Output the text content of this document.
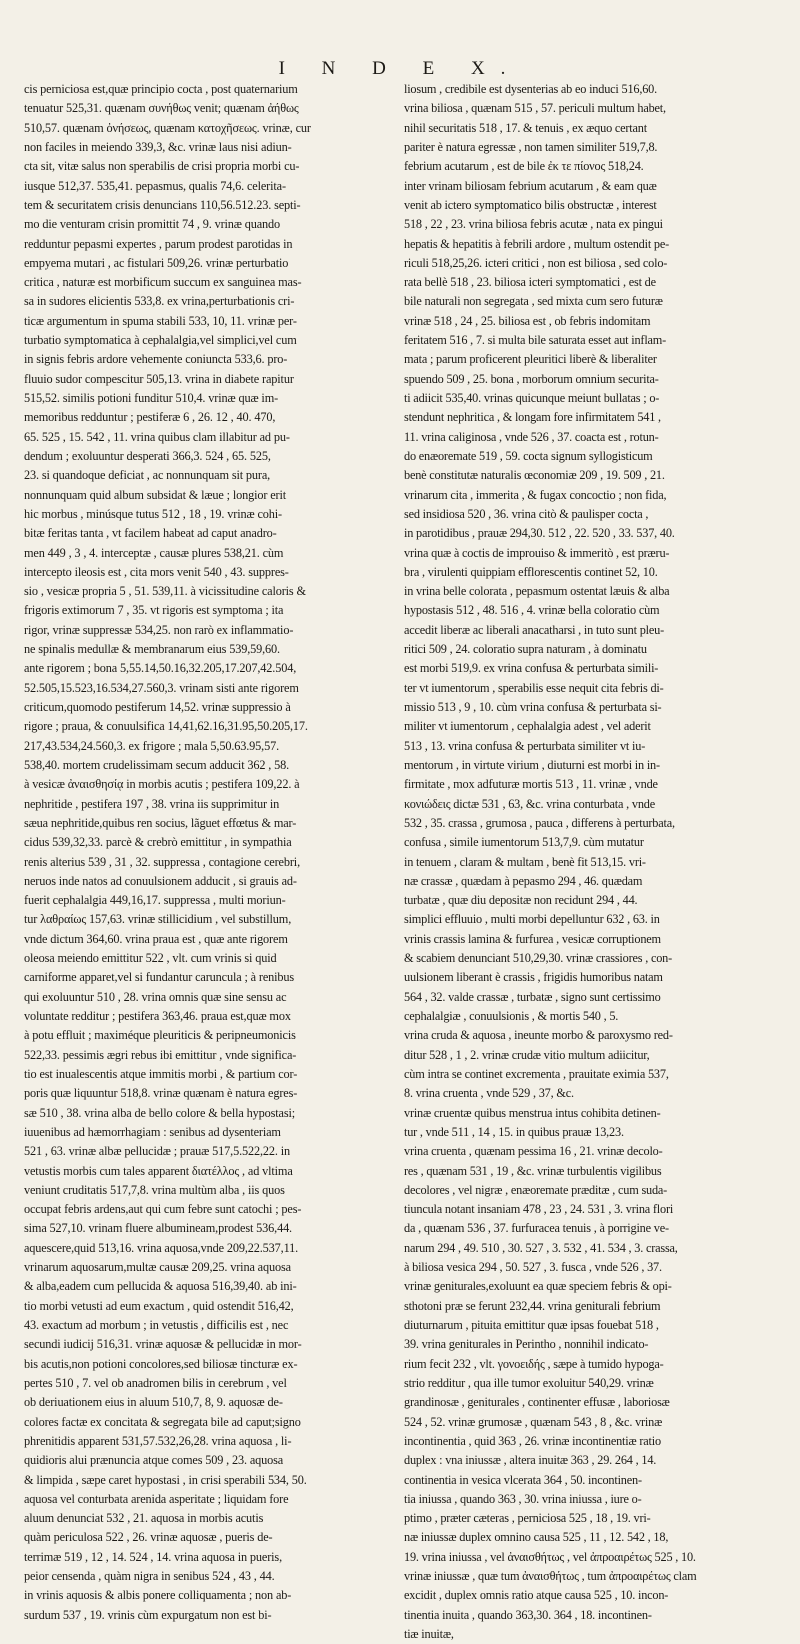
I N D E X.
cis perniciosa est,quæ principio cocta , post quaternarium
tenuatur 525,31. quænam συνήθως venit; quænam ἀήθως
510,57. quænam ὀνήσεως, quænam κατοχῆσεως. vrinæ, cur
non faciles in meiendo 339,3, &c. vrinæ laus nisi adiun-
cta sit, vitæ salus non sperabilis de crisi propria morbi cu-
iusque 512,37. 535,41. pepasmus, qualis 74,6. celerita-
tem & securitatem crisis denuncians 110,56.512.23. septi-
mo die venturam crisin promittit 74 , 9. vrinæ quando
redduntur pepasmi expertes , parum prodest parotidas in
empyema mutari , ac fistulari 509,26. vrinæ perturbatio
critica , naturæ est morbificum succum ex sanguinea mas-
sa in sudores elicientis 533,8. ex vrina,perturbationis cri-
ticæ argumentum in spuma stabili 533, 10, 11. vrinæ per-
turbatio symptomatica à cephalalgia,vel simplici,vel cum
in signis febris ardore vehemente coniuncta 533,6. pro-
fluuio sudor compescitur 505,13. vrina in diabete rapitur
515,52. similis potioni funditur 510,4. vrinæ quæ im-
memoribus redduntur ; pestiferæ 6 , 26. 12 , 40. 470,
65. 525 , 15. 542 , 11. vrina quibus clam illabitur ad pu-
dendum ; exoluuntur desperati 366,3. 524 , 65. 525,
23. si quandoque deficiat , ac nonnunquam sit pura,
nonnunquam quid album subsidat & læue ; longior erit
hic morbus , minúsque tutus 512 , 18 , 19. vrinæ cohi-
bitæ feritas tanta , vt facilem habeat ad caput anadro-
men 449 , 3 , 4. interceptæ , causæ plures 538,21. cùm
intercepto ileosis est , cita mors venit 540 , 43. suppres-
sio , vesicæ propria 5 , 51. 539,11. à vicissitudine caloris &
frigoris extimorum 7 , 35. vt rigoris est symptoma ; ita
rigor, vrinæ suppressæ 534,25. non rarò ex inflammatio-
ne spinalis medullæ & membranarum eius 539,59,60.
ante rigorem ; bona 5,55.14,50.16,32.205,17.207,42.504,
52.505,15.523,16.534,27.560,3. vrinam sisti ante rigorem
criticum,quomodo pestiferum 14,52. vrinæ suppressio à
rigore ; praua, & conuulsifica 14,41,62.16,31.95,50.205,17.
217,43.534,24.560,3. ex frigore ; mala 5,50.63.95,57.
538,40. mortem crudelissimam secum adducit 362 , 58.
à vesicæ ἀναισθησίᾳ in morbis acutis ; pestifera 109,22. à
nephritide , pestifera 197 , 38. vrina iis supprimitur in
sæua nephritide,quibus ren socius, lãguet effœtus & mar-
cidus 539,32,33. parcè & crebrò emittitur , in sympathia
renis alterius 539 , 31 , 32. suppressa , contagione cerebri,
neruos inde natos ad conuulsionem adducit , si grauis ad-
fuerit cephalalgia 449,16,17. suppressa , multi moriun-
tur λαθραίως 157,63. vrinæ stillicidium , vel substillum,
vnde dictum 364,60. vrina praua est , quæ ante rigorem
oleosa meiendo emittitur 522 , vlt. cum vrinis si quid
carniforme apparet,vel si fundantur caruncula ; à renibus
qui exoluuntur 510 , 28. vrina omnis quæ sine sensu ac
voluntate redditur ; pestifera 363,46. praua est,quæ mox
à potu effluit ; maximéque pleuriticis & peripneumonicis
522,33. pessimis ægri rebus ibi emittitur , vnde significa-
tio est inualescentis atque immitis morbi , & partium cor-
poris quæ liquuntur 518,8. vrinæ quænam è natura egres-
sæ 510 , 38. vrina alba de bello colore & bella hypostasi;
iuuenibus ad hæmorrhagiam : senibus ad dysenteriam
521 , 63. vrinæ albæ pellucidæ ; prauæ 517,5.522,22. in
vetustis morbis cum tales apparent διατέλλος , ad vltima
veniunt cruditatis 517,7,8. vrina multùm alba , iis quos
occupat febris ardens,aut qui cum febre sunt catochi ; pes-
sima 527,10. vrinam fluere albumineam,prodest 536,44.
aquescere,quid 513,16. vrina aquosa,vnde 209,22.537,11.
vrinarum aquosarum,multæ causæ 209,25. vrina aquosa
& alba,eadem cum pellucida & aquosa 516,39,40. ab ini-
tio morbi vetusti ad eum exactum , quid ostendit 516,42,
43. exactum ad morbum ; in vetustis , difficilis est , nec
secundi iudicij 516,31. vrinæ aquosæ & pellucidæ in mor-
bis acutis,non potioni concolores,sed biliosæ tincturæ ex-
pertes 510 , 7. vel ob anadromen bilis in cerebrum , vel
ob deriuationem eius in aluum 510,7, 8, 9. aquosæ de-
colores factæ ex concitata & segregata bile ad caput;signo
phrenitidis apparent 531,57.532,26,28. vrina aquosa , li-
quidioris alui prænuncia atque comes 509 , 23. aquosa
& limpida , sæpe caret hypostasi , in crisi sperabili 534, 50.
aquosa vel conturbata arenida asperitate ; liquidam fore
aluum denunciat 532 , 21. aquosa in morbis acutis
quàm periculosa 522 , 26. vrinæ aquosæ , pueris de-
terrimæ 519 , 12 , 14. 524 , 14. vrina aquosa in pueris,
peior censenda , quàm nigra in senibus 524 , 43 , 44.
in vrinis aquosis & albis ponere colliquamenta ; non ab-
surdum 537 , 19. vrinis cùm expurgatum non est bi-
liosum , credibile est dysenterias ab eo induci 516,60.
vrina biliosa , quænam 515 , 57. periculi multum habet,
nihil securitatis 518 , 17. & tenuis , ex æquo certant
pariter è natura egressæ , non tamen similiter 519,7,8.
febrium acutarum , est de bile ἐκ τε πίονος 518,24.
inter vrinam biliosam febrium acutarum , & eam quæ
venit ab ictero symptomatico bilis obstructæ , interest
518 , 22 , 23. vrina biliosa febris acutæ , nata ex pingui
hepatis & hepatitis à febrili ardore , multum ostendit pe-
riculi 518,25,26. icteri critici , non est biliosa , sed colo-
rata bellè 518 , 23. biliosa icteri symptomatici , est de
bile naturali non segregata , sed mixta cum sero futuræ
vrinæ 518 , 24 , 25. biliosa est , ob febris indomitam
feritatem 516 , 7. si multa bile saturata esset aut inflam-
mata ; parum proficerent pleuritici liberè & liberaliter
spuendo 509 , 25. bona , morborum omnium securita-
ti adiicit 535,40. vrinas quicunque meiunt bullatas ; o-
stendunt nephritica , & longam fore infirmitatem 541 ,
11. vrina caliginosa , vnde 526 , 37. coacta est , rotun-
do enæoremate 519 , 59. cocta signum syllogisticum
benè constitutæ naturalis œconomiæ 209 , 19. 509 , 21.
vrinarum cita , immerita , & fugax concoctio ; non fida,
sed insidiosa 520 , 36. vrina citò & paulisper cocta ,
in parotidibus , prauæ 294,30. 512 , 22. 520 , 33. 537, 40.
vrina quæ à coctis de improuiso & immeritò , est præru-
bra , virulenti quippiam efflorescentis continet 52, 10.
in vrina belle colorata , pepasmum ostentat læuis & alba
hypostasis 512 , 48. 516 , 4. vrinæ bella coloratio cùm
accedit liberæ ac liberali anacatharsi , in tuto sunt pleu-
ritici 509 , 24. coloratio supra naturam , à dominatu
est morbi 519,9. ex vrina confusa & perturbata simili-
ter vt iumentorum , sperabilis esse nequit cita febris di-
missio 513 , 9 , 10. cùm vrina confusa & perturbata si-
militer vt iumentorum , cephalalgia adest , vel aderit
513 , 13. vrina confusa & perturbata similiter vt iu-
mentorum , in virtute virium , diuturni est morbi in in-
firmitate , mox adfuturæ mortis 513 , 11. vrinæ , vnde
κονιώδεις dictæ 531 , 63, &c. vrina conturbata , vnde
532 , 35. crassa , grumosa , pauca , differens à perturbata,
confusa , simile iumentorum 513,7,9. cùm mutatur
in tenuem , claram & multam , benè fit 513,15. vri-
næ crassæ , quædam à pepasmo 294 , 46. quædam
turbatæ , quæ diu depositæ non recidunt 294 , 44.
simplici effluuio , multi morbi depelluntur 632 , 63. in
vrinis crassis lamina & furfurea , vesicæ corruptionem
& scabiem denunciant 510,29,30. vrinæ crassiores , con-
uulsionem liberant è crassis , frigidis humoribus natam
564 , 32. valde crassæ , turbatæ , signo sunt certissimo
cephalalgiæ , conuulsionis , & mortis 540 , 5.
vrina cruda & aquosa , ineunte morbo & paroxysmo red-
ditur 528 , 1 , 2. vrinæ crudæ vitio multum adiicitur,
cùm intra se continet excrementa , prauitate eximia 537,
8. vrina cruenta , vnde 529 , 37, &c.
vrinæ cruentæ quibus menstrua intus cohibita detinen-
tur , vnde 511 , 14 , 15. in quibus prauæ 13,23.
vrina cruenta , quænam pessima 16 , 21. vrinæ decolo-
res , quænam 531 , 19 , &c. vrinæ turbulentis vigilibus
decolores , vel nigræ , enæoremate præditæ , cum suda-
tiuncula notant insaniam 478 , 23 , 24. 531 , 3. vrina flori
da , quænam 536 , 37. furfuracea tenuis , à porrigine ve-
narum 294 , 49. 510 , 30. 527 , 3. 532 , 41. 534 , 3. crassa,
à biliosa vesica 294 , 50. 527 , 3. fusca , vnde 526 , 37.
vrinæ geniturales,exoluunt ea quæ speciem febris & opi-
sthotoni præ se ferunt 232,44. vrina geniturali febrium
diuturnarum , pituita emittitur quæ ipsas fouebat 518 ,
39. vrina geniturales in Perintho , nonnihil indicato-
rium fecit 232 , vlt. γονοειδής , sæpe à tumido hypoga-
strio redditur , qua ille tumor exoluitur 540,29. vrinæ
grandinosæ , geniturales , continenter effusæ , laboriosæ
524 , 52. vrinæ grumosæ , quænam 543 , 8 , &c. vrinæ
incontinentia , quid 363 , 26. vrinæ incontinentiæ ratio
duplex : vna iniussæ , altera inuitæ 363 , 29. 264 , 14.
continentia in vesica vlcerata 364 , 50. incontinen-
tia iniussa , quando 363 , 30. vrina iniussa , iure o-
ptimo , præter cæteras , perniciosa 525 , 18 , 19. vri-
næ iniussæ duplex omnino causa 525 , 11 , 12. 542 , 18,
19. vrina iniussa , vel ἀναισθήτως , vel ἀπροαιρέτως 525 , 10.
vrinæ iniussæ , quæ tum ἀναισθήτως , tum ἀπροαιρέτως clam
excidit , duplex omnis ratio atque causa 525 , 10. incon-
tinentia inuita , quando 363,30. 364 , 18. incontinen-
tiæ inuitæ,
